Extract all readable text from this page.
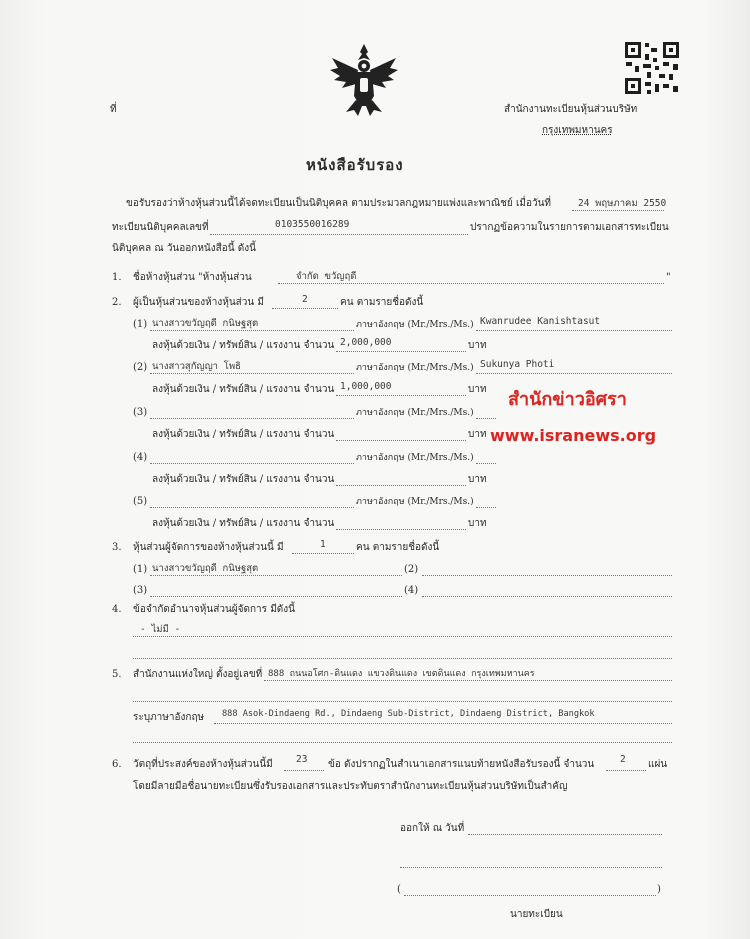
ที่	สำนักงานทะเบียนหุ้นส่วนบริษัท
กรุงเทพมหานคร
หนังสือรับรอง
ขอรับรองว่าห้างหุ้นส่วนนี้ได้จดทะเบียนเป็นนิติบุคคล ตามประมวลกฎหมายแพ่งและพาณิชย์ เมื่อวันที่	24 พฤษภาคม 2550
ทะเบียนนิติบุคคลเลขที่	0103550016289	ปรากฏข้อความในรายการตามเอกสารทะเบียน
นิติบุคคล ณ วันออกหนังสือนี้ ดังนี้
1. ชื่อห้างหุ้นส่วน "ห้างหุ้นส่วน	จำกัด ขวัญฤดี	"
2. ผู้เป็นหุ้นส่วนของห้างหุ้นส่วน มี	2	คน ตามรายชื่อดังนี้
(1) นางสาวขวัญฤดี กนิษฐสุต	ภาษาอังกฤษ (Mr./Mrs./Ms.) Kwanrudee Kanishtasut
ลงหุ้นด้วยเงิน / ทรัพย์สิน / แรงงาน จำนวน 2,000,000	บาท
(2) นางสาวสุกัญญา โพธิ	ภาษาอังกฤษ (Mr./Mrs./Ms.) Sukunya Photi
ลงหุ้นด้วยเงิน / ทรัพย์สิน / แรงงาน จำนวน 1,000,000	บาท
(3)	ภาษาอังกฤษ (Mr./Mrs./Ms.)
ลงหุ้นด้วยเงิน / ทรัพย์สิน / แรงงาน จำนวน	บาท
(4)	ภาษาอังกฤษ (Mr./Mrs./Ms.)
ลงหุ้นด้วยเงิน / ทรัพย์สิน / แรงงาน จำนวน	บาท
(5)	ภาษาอังกฤษ (Mr./Mrs./Ms.)
ลงหุ้นด้วยเงิน / ทรัพย์สิน / แรงงาน จำนวน	บาท
สำนักข่าวอิศรา
www.isranews.org
3. หุ้นส่วนผู้จัดการของห้างหุ้นส่วนนี้ มี	1	คน ตามรายชื่อดังนี้
(1) นางสาวขวัญฤดี กนิษฐสุต	(2)
(3)	(4)
4. ข้อจำกัดอำนาจหุ้นส่วนผู้จัดการ มีดังนี้
- ไม่มี -
5. สำนักงานแห่งใหญ่ ตั้งอยู่เลขที่ 888 ถนนอโศก-ดินแดง แขวงดินแดง เขตดินแดง กรุงเทพมหานคร
ระบุภาษาอังกฤษ 888 Asok-Dindaeng Rd., Dindaeng Sub-District, Dindaeng District, Bangkok
6. วัตถุที่ประสงค์ของห้างหุ้นส่วนนี้มี 23 ข้อ ดังปรากฏในสำเนาเอกสารแนบท้ายหนังสือรับรองนี้ จำนวน	2 แผ่น
โดยมีลายมือชื่อนายทะเบียนซึ่งรับรองเอกสารและประทับตราสำนักงานทะเบียนหุ้นส่วนบริษัทเป็นสำคัญ
ออกให้ ณ วันที่
(	)
นายทะเบียน
